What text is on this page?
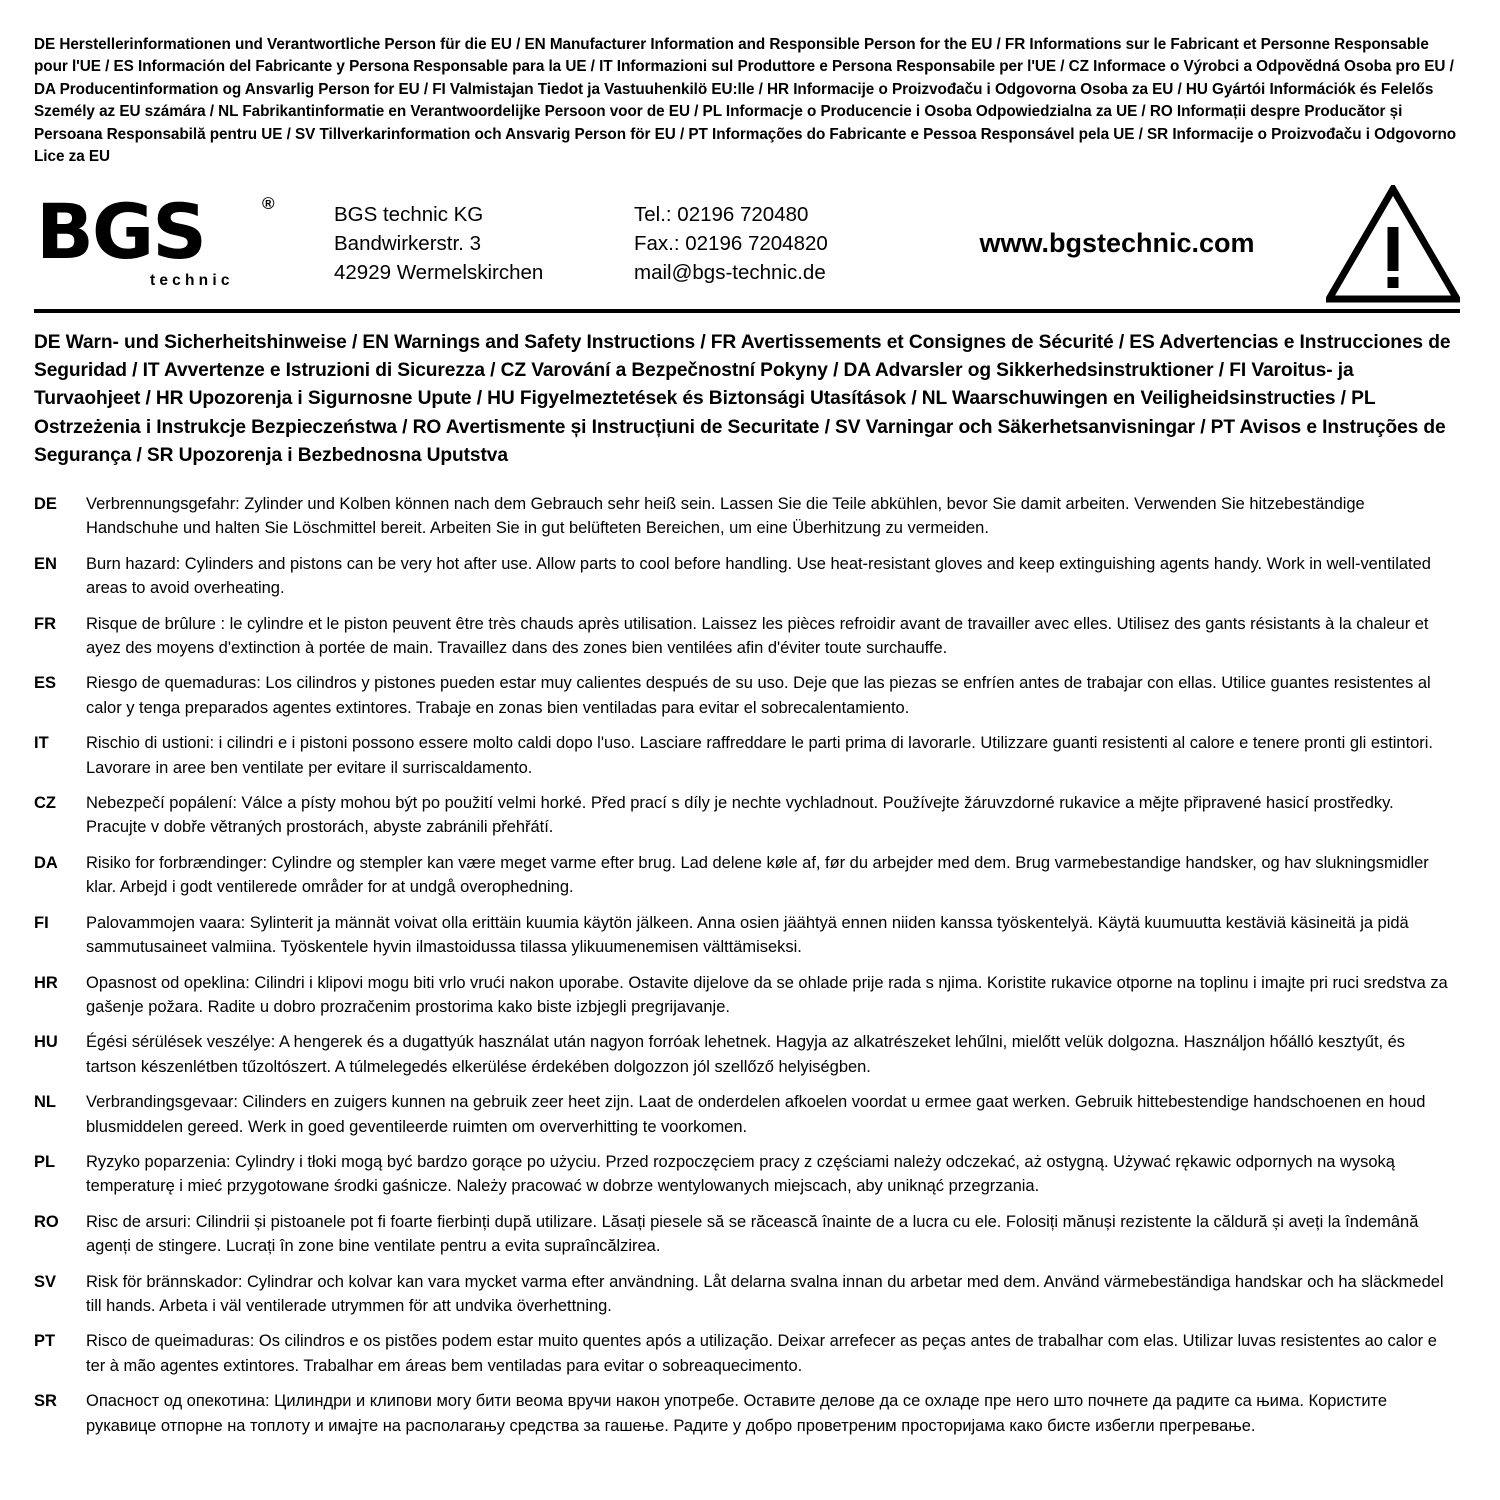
DE Herstellerinformationen und Verantwortliche Person für die EU / EN Manufacturer Information and Responsible Person for the EU / FR Informations sur le Fabricant et Personne Responsable pour l'UE / ES Información del Fabricante y Persona Responsable para la UE / IT Informazioni sul Produttore e Persona Responsabile per l'UE / CZ Informace o Výrobci a Odpovědná Osoba pro EU / DA Producentinformation og Ansvarlig Person for EU / FI Valmistajan Tiedot ja Vastuuhenkilö EU:lle / HR Informacije o Proizvođaču i Odgovorna Osoba za EU / HU Gyártói Információk és Felelős Személy az EU számára / NL Fabrikantinformatie en Verantwoordelijke Persoon voor de EU / PL Informacje o Producencie i Osoba Odpowiedzialna za UE / RO Informații despre Producător și Persoana Responsabilă pentru UE / SV Tillverkarinformation och Ansvarig Person för EU / PT Informações do Fabricante e Pessoa Responsável pela UE / SR Informacije o Proizvođaču i Odgovorno Lice za EU
BGS	®
technic
BGS technic KG
Bandwirkerstr. 3
42929 Wermelskirchen
Tel.: 02196 720480
Fax.: 02196 7204820
mail@bgs-technic.de
www.bgstechnic.com
DE Warn- und Sicherheitshinweise / EN Warnings and Safety Instructions / FR Avertissements et Consignes de Sécurité / ES Advertencias e Instrucciones de Seguridad / IT Avvertenze e Istruzioni di Sicurezza / CZ Varování a Bezpečnostní Pokyny / DA Advarsler og Sikkerhedsinstruktioner / FI Varoitus- ja Turvaohjeet / HR Upozorenja i Sigurnosne Upute / HU Figyelmeztetések és Biztonsági Utasítások / NL Waarschuwingen en Veiligheidsinstructies / PL Ostrzeżenia i Instrukcje Bezpieczeństwa / RO Avertismente și Instrucțiuni de Securitate / SV Varningar och Säkerhetsanvisningar / PT Avisos e Instruções de Segurança / SR Upozorenja i Bezbednosna Uputstva
DE	Verbrennungsgefahr: Zylinder und Kolben können nach dem Gebrauch sehr heiß sein. Lassen Sie die Teile abkühlen, bevor Sie damit arbeiten. Verwenden Sie hitzebeständige Handschuhe und halten Sie Löschmittel bereit. Arbeiten Sie in gut belüfteten Bereichen, um eine Überhitzung zu vermeiden.
EN	Burn hazard: Cylinders and pistons can be very hot after use. Allow parts to cool before handling. Use heat-resistant gloves and keep extinguishing agents handy. Work in well-ventilated areas to avoid overheating.
FR	Risque de brûlure : le cylindre et le piston peuvent être très chauds après utilisation. Laissez les pièces refroidir avant de travailler avec elles. Utilisez des gants résistants à la chaleur et ayez des moyens d'extinction à portée de main. Travaillez dans des zones bien ventilées afin d'éviter toute surchauffe.
ES	Riesgo de quemaduras: Los cilindros y pistones pueden estar muy calientes después de su uso. Deje que las piezas se enfríen antes de trabajar con ellas. Utilice guantes resistentes al calor y tenga preparados agentes extintores. Trabaje en zonas bien ventiladas para evitar el sobrecalentamiento.
IT	Rischio di ustioni: i cilindri e i pistoni possono essere molto caldi dopo l'uso. Lasciare raffreddare le parti prima di lavorarle. Utilizzare guanti resistenti al calore e tenere pronti gli estintori. Lavorare in aree ben ventilate per evitare il surriscaldamento.
CZ	Nebezpečí popálení: Válce a písty mohou být po použití velmi horké. Před prací s díly je nechte vychladnout. Používejte žáruvzdorné rukavice a mějte připravené hasicí prostředky. Pracujte v dobře větraných prostorách, abyste zabránili přehřátí.
DA	Risiko for forbrændinger: Cylindre og stempler kan være meget varme efter brug. Lad delene køle af, før du arbejder med dem. Brug varmebestandige handsker, og hav slukningsmidler klar. Arbejd i godt ventilerede områder for at undgå overophedning.
FI	Palovammojen vaara: Sylinterit ja männät voivat olla erittäin kuumia käytön jälkeen. Anna osien jäähtyä ennen niiden kanssa työskentelyä. Käytä kuumuutta kestäviä käsineitä ja pidä sammutusaineet valmiina. Työskentele hyvin ilmastoidussa tilassa ylikuumenemisen välttämiseksi.
HR	Opasnost od opeklina: Cilindri i klipovi mogu biti vrlo vrući nakon uporabe. Ostavite dijelove da se ohlade prije rada s njima. Koristite rukavice otporne na toplinu i imajte pri ruci sredstva za gašenje požara. Radite u dobro prozračenim prostorima kako biste izbjegli pregrijavanje.
HU	Égési sérülések veszélye: A hengerek és a dugattyúk használat után nagyon forróak lehetnek. Hagyja az alkatrészeket lehűlni, mielőtt velük dolgozna. Használjon hőálló kesztyűt, és tartson készenlétben tűzoltószert. A túlmelegedés elkerülése érdekében dolgozzon jól szellőző helyiségben.
NL	Verbrandingsgevaar: Cilinders en zuigers kunnen na gebruik zeer heet zijn. Laat de onderdelen afkoelen voordat u ermee gaat werken. Gebruik hittebestendige handschoenen en houd blusmiddelen gereed. Werk in goed geventileerde ruimten om oververhitting te voorkomen.
PL	Ryzyko poparzenia: Cylindry i tłoki mogą być bardzo gorące po użyciu. Przed rozpoczęciem pracy z częściami należy odczekać, aż ostygną. Używać rękawic odpornych na wysoką temperaturę i mieć przygotowane środki gaśnicze. Należy pracować w dobrze wentylowanych miejscach, aby uniknąć przegrzania.
RO	Risc de arsuri: Cilindrii și pistoanele pot fi foarte fierbinți după utilizare. Lăsați piesele să se răcească înainte de a lucra cu ele. Folosiți mănuși rezistente la căldură și aveți la îndemână agenți de stingere. Lucrați în zone bine ventilate pentru a evita supraîncălzirea.
SV	Risk för brännskador: Cylindrar och kolvar kan vara mycket varma efter användning. Låt delarna svalna innan du arbetar med dem. Använd värmebeständiga handskar och ha släckmedel till hands. Arbeta i väl ventilerade utrymmen för att undvika överhettning.
PT	Risco de queimaduras: Os cilindros e os pistões podem estar muito quentes após a utilização. Deixar arrefecer as peças antes de trabalhar com elas. Utilizar luvas resistentes ao calor e ter à mão agentes extintores. Trabalhar em áreas bem ventiladas para evitar o sobreaquecimento.
SR	Опасност од опекотина: Цилиндри и клипови могу бити веома вручи након употребе. Оставите делове да се охладе пре него што почнете да радите са њима. Користите рукавице отпорне на топлоту и имајте на располагању средства за гашење. Радите у добро проветреним просторијама како бисте избегли прегревање.
